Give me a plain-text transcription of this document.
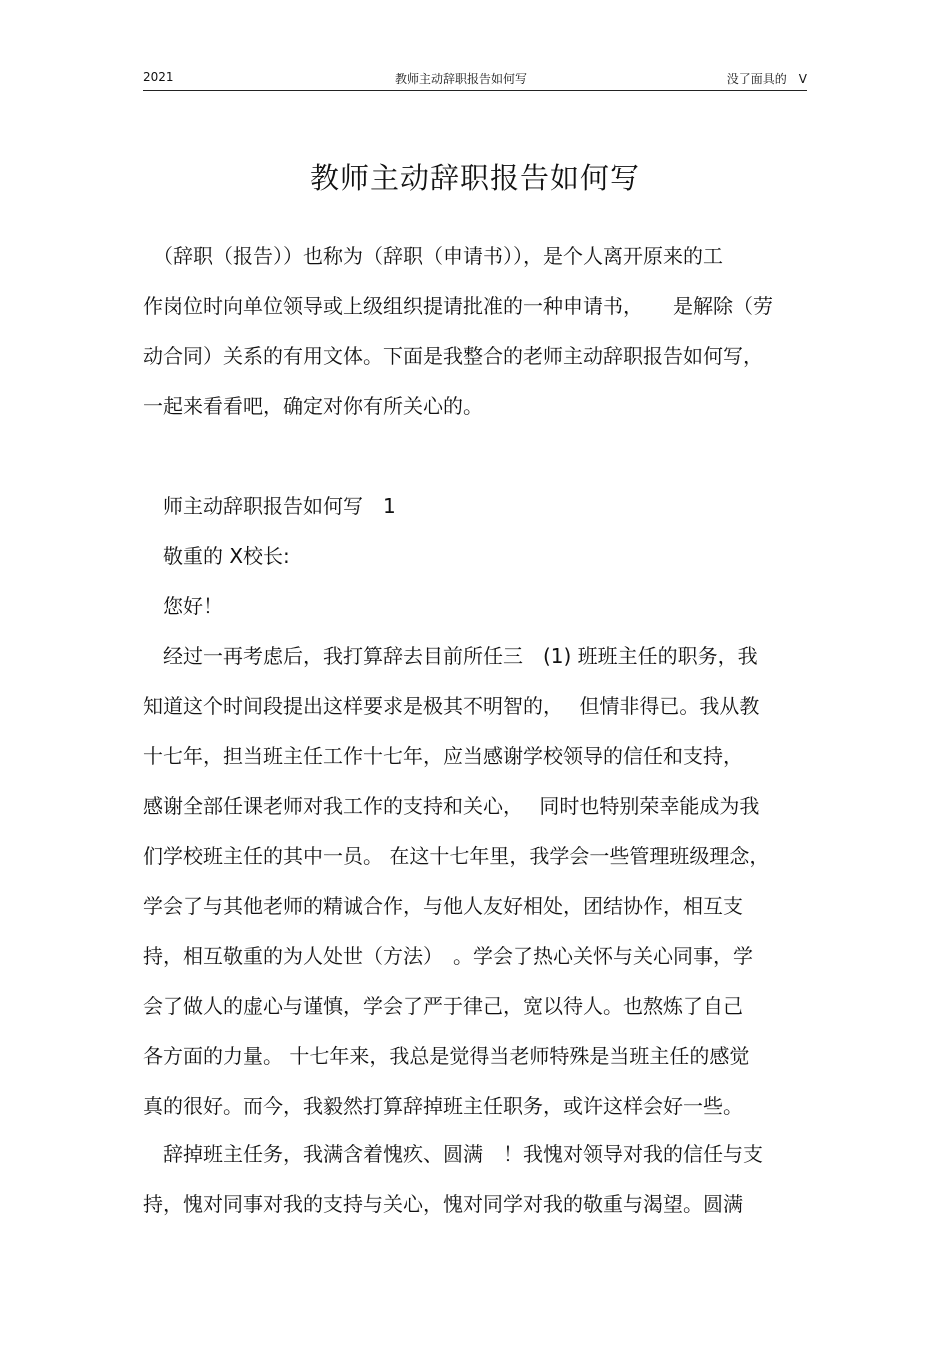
2021	教师主动辞职报告如何写	没了面具的　V
教师主动辞职报告如何写
　（辞职（报告））也称为（辞职（申请书）），是个人离开原来的工
作岗位时向单位领导或上级组织提请批准的一种申请书，　　是解除（劳
动合同）关系的有用文体。下面是我整合的老师主动辞职报告如何写，
一起来看看吧，确定对你有所关心的。
　师主动辞职报告如何写　1
　敬重的 X校长:
　您好！
　经过一再考虑后，我打算辞去目前所任三　(1) 班班主任的职务，我
知道这个时间段提出这样要求是极其不明智的，　 但情非得已。我从教
十七年，担当班主任工作十七年，应当感谢学校领导的信任和支持，
感谢全部任课老师对我工作的支持和关心，　 同时也特别荣幸能成为我
们学校班主任的其中一员。 在这十七年里，我学会一些管理班级理念，
学会了与其他老师的精诚合作，与他人友好相处，团结协作，相互支
持，相互敬重的为人处世（方法）　。学会了热心关怀与关心同事，学
会了做人的虚心与谨慎，学会了严于律己，宽以待人。也熬炼了自己
各方面的力量。 十七年来，我总是觉得当老师特殊是当班主任的感觉
真的很好。而今，我毅然打算辞掉班主任职务，或许这样会好一些。
　辞掉班主任务，我满含着愧疚、圆满　！我愧对领导对我的信任与支
持，愧对同事对我的支持与关心，愧对同学对我的敬重与渴望。圆满
